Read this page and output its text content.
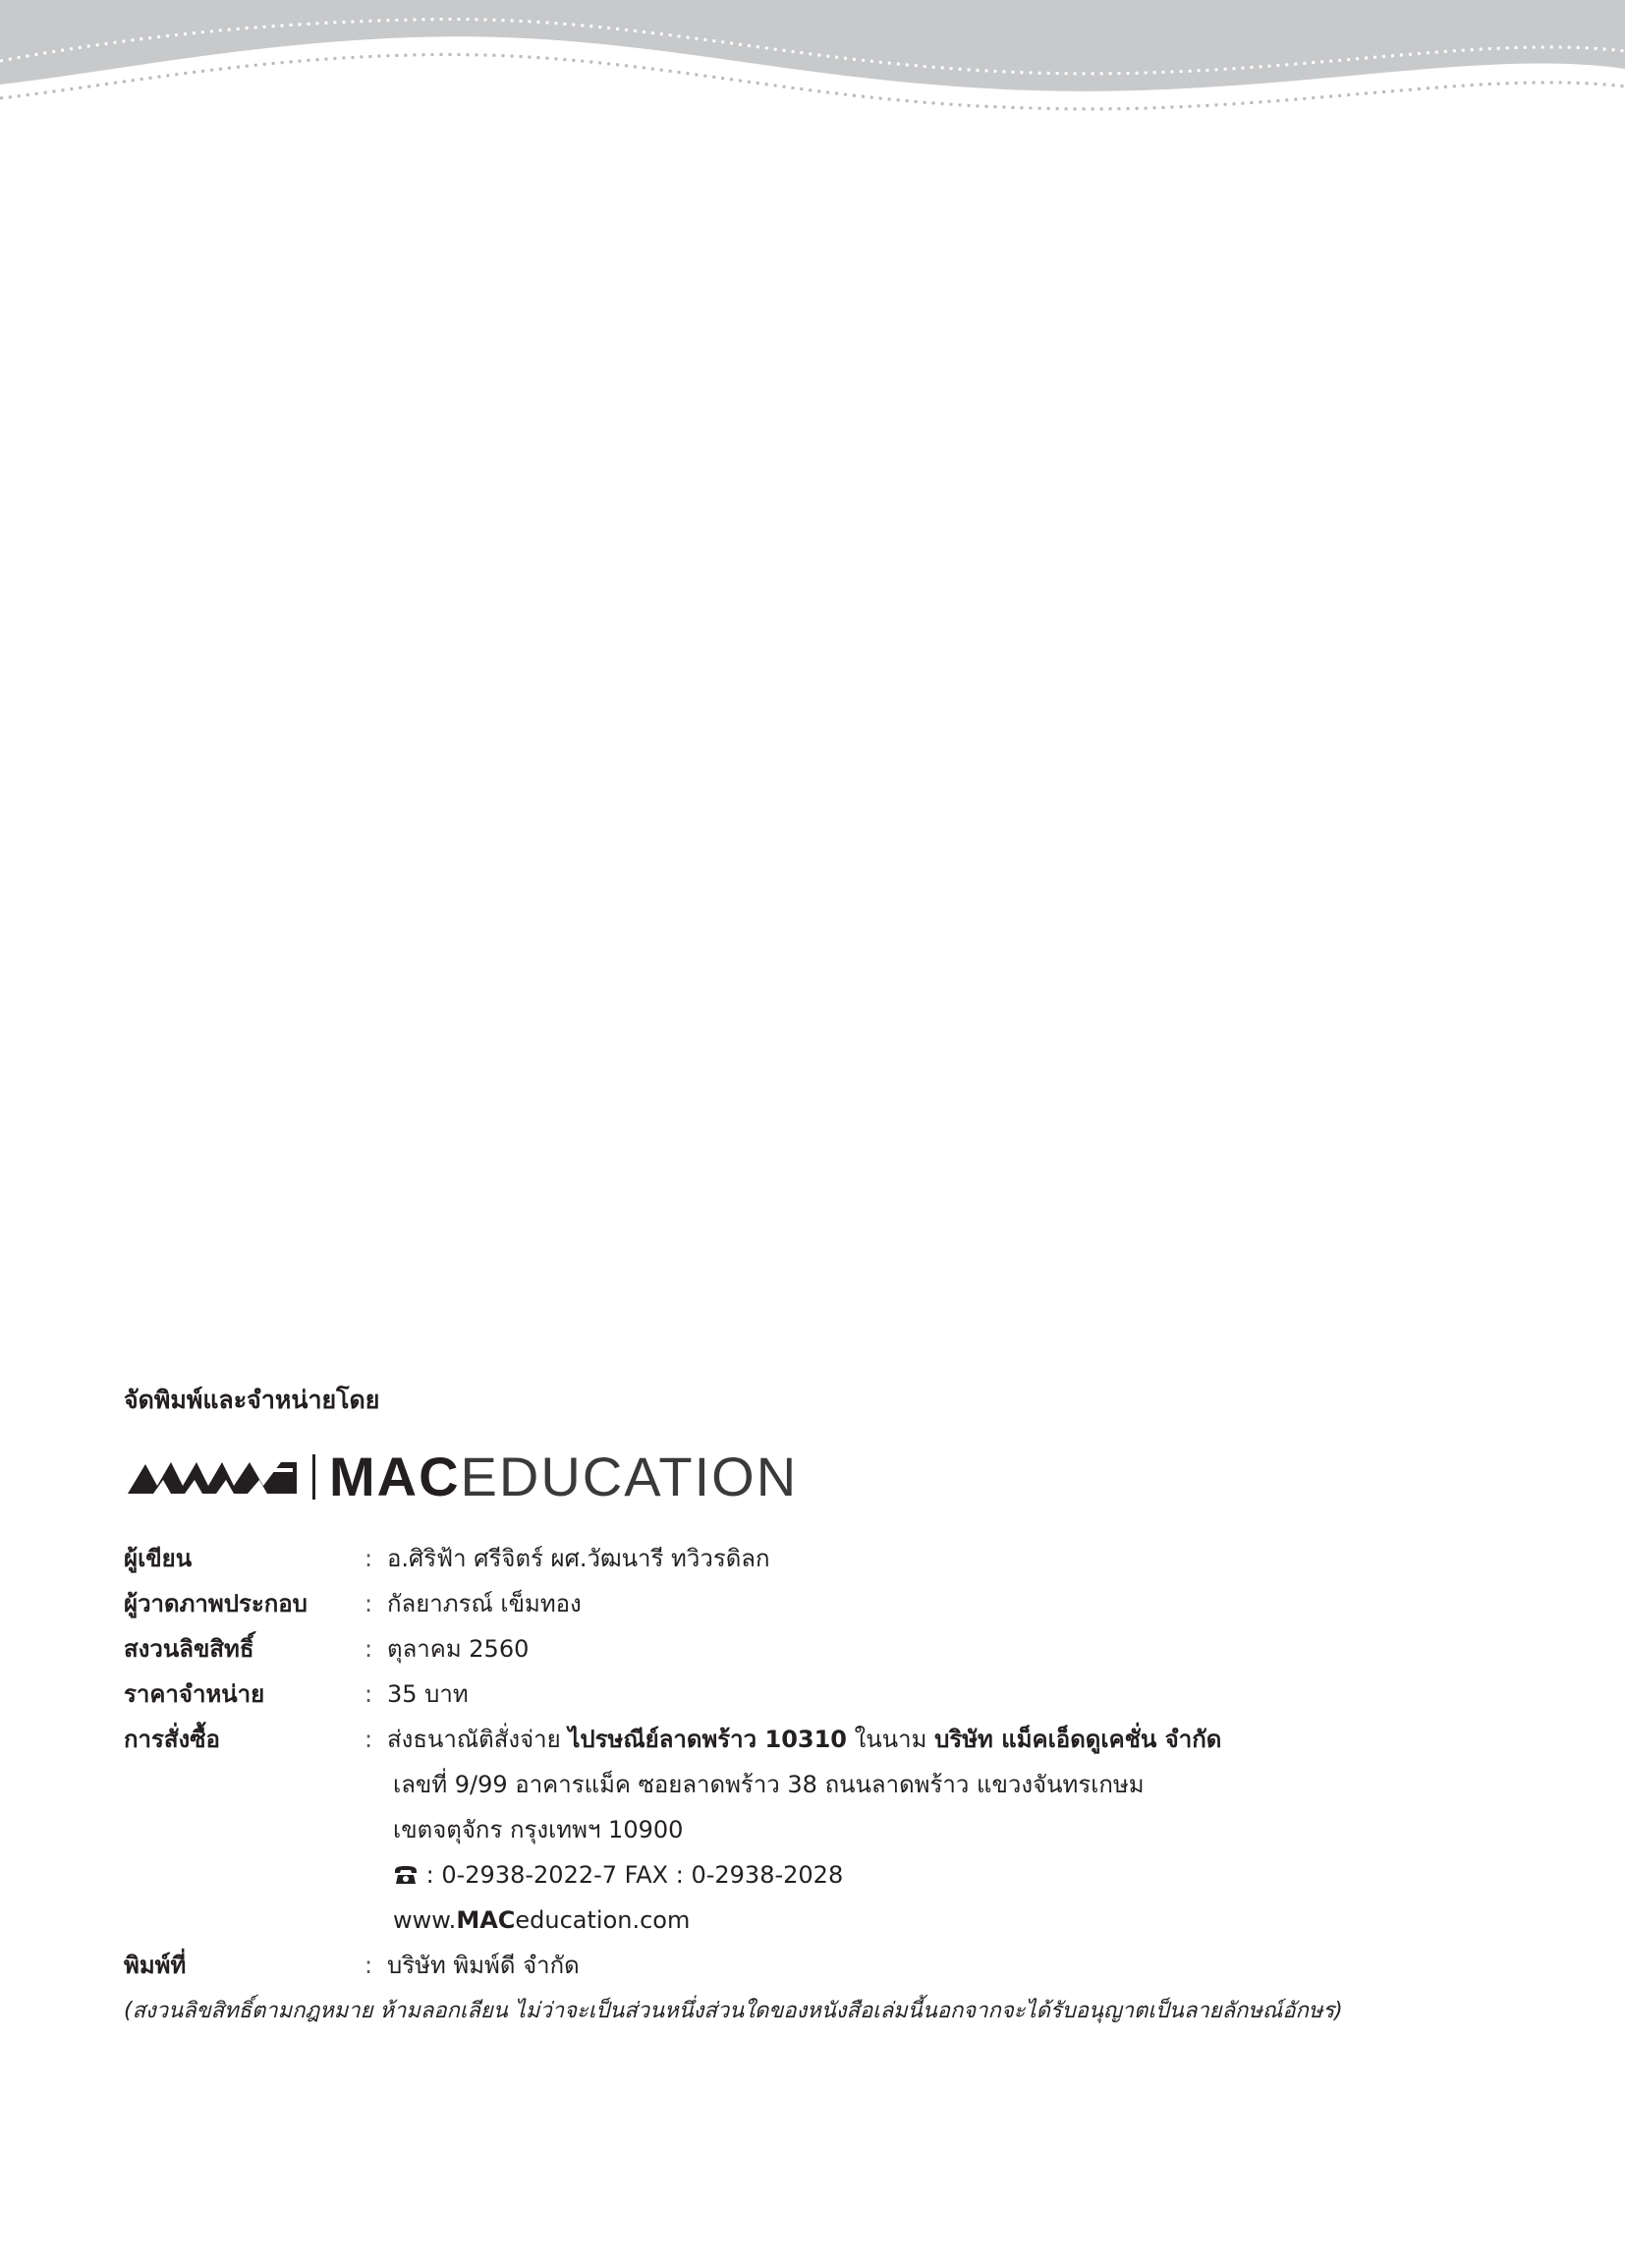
จัดพิมพ์และจำหน่ายโดย

MACEDUCATION
ผู้เขียน	: อ.ศิริฟ้า ศรีจิตร์ ผศ.วัฒนารี ทวิวรดิลก
ผู้วาดภาพประกอบ	: กัลยาภรณ์ เข็มทอง
สงวนลิขสิทธิ์	: ตุลาคม 2560
ราคาจำหน่าย	: 35 บาท
การสั่งซื้อ	: ส่งธนาณัติสั่งจ่าย ไปรษณีย์ลาดพร้าว 10310 ในนาม บริษัท แม็คเอ็ดดูเคชั่น จำกัด
เลขที่ 9/99 อาคารแม็ค ซอยลาดพร้าว 38 ถนนลาดพร้าว แขวงจันทรเกษม
เขตจตุจักร กรุงเทพฯ 10900
: 0-2938-2022-7 FAX : 0-2938-2028
www.MACeducation.com
พิมพ์ที่	: บริษัท พิมพ์ดี จำกัด
(สงวนลิขสิทธิ์ตามกฎหมาย ห้ามลอกเลียน ไม่ว่าจะเป็นส่วนหนึ่งส่วนใดของหนังสือเล่มนี้นอกจากจะได้รับอนุญาตเป็นลายลักษณ์อักษร)
